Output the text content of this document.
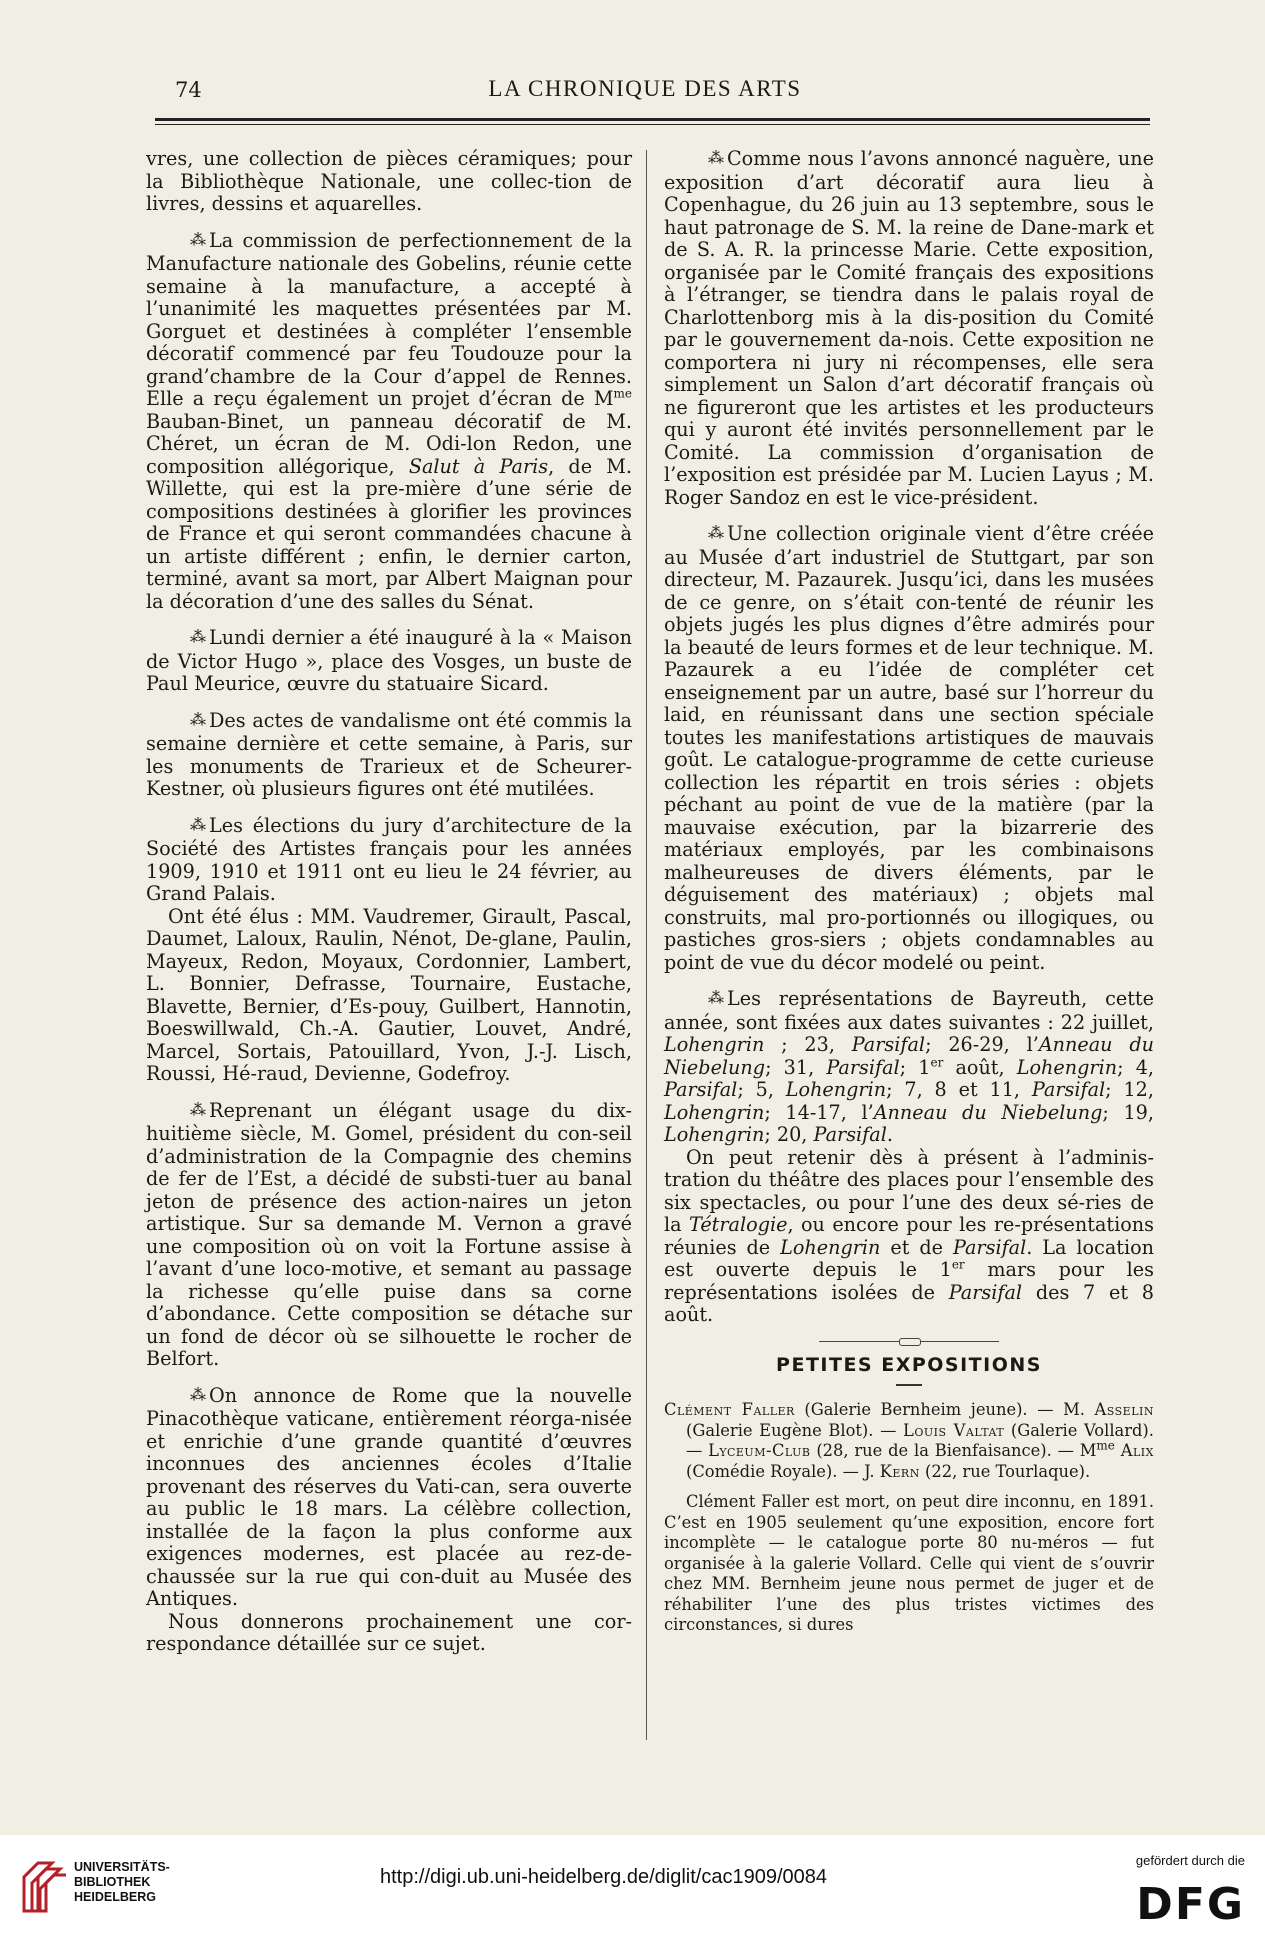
74	LA CHRONIQUE DES ARTS

vres, une collection de pièces céramiques; pour la Bibliothèque Nationale, une collec-tion de livres, dessins et aquarelles.

⁂ La commission de perfectionnement de la Manufacture nationale des Gobelins, réunie cette semaine à la manufacture, a accepté à l’unanimité les maquettes présentées par M. Gorguet et destinées à compléter l’ensemble décoratif commencé par feu Toudouze pour la grand’chambre de la Cour d’appel de Rennes. Elle a reçu également un projet d’écran de $M^{me}$ Bauban-Binet, un panneau décoratif de M. Chéret, un écran de M. Odi-lon Redon, une composition allégorique, Salut à Paris, de M. Willette, qui est la pre-mière d’une série de compositions destinées à glorifier les provinces de France et qui seront commandées chacune à un artiste différent ; enfin, le dernier carton, terminé, avant sa mort, par Albert Maignan pour la décoration d’une des salles du Sénat.

⁂ Lundi dernier a été inauguré à la « Maison de Victor Hugo », place des Vosges, un buste de Paul Meurice, œuvre du statuaire Sicard.

⁂ Des actes de vandalisme ont été commis la semaine dernière et cette semaine, à Paris, sur les monuments de Trarieux et de Scheurer-Kestner, où plusieurs figures ont été mutilées.

⁂ Les élections du jury d’architecture de la Société des Artistes français pour les années 1909, 1910 et 1911 ont eu lieu le 24 février, au Grand Palais.

Ont été élus : MM. Vaudremer, Girault, Pascal, Daumet, Laloux, Raulin, Nénot, De-glane, Paulin, Mayeux, Redon, Moyaux, Cordonnier, Lambert, L. Bonnier, Defrasse, Tournaire, Eustache, Blavette, Bernier, d’Es-pouy, Guilbert, Hannotin, Boeswillwald, Ch.-A. Gautier, Louvet, André, Marcel, Sortais, Patouillard, Yvon, J.-J. Lisch, Roussi, Hé-raud, Devienne, Godefroy.

⁂ Reprenant un élégant usage du dix-huitième siècle, M. Gomel, président du con-seil d’administration de la Compagnie des chemins de fer de l’Est, a décidé de substi-tuer au banal jeton de présence des action-naires un jeton artistique. Sur sa demande M. Vernon a gravé une composition où on voit la Fortune assise à l’avant d’une loco-motive, et semant au passage la richesse qu’elle puise dans sa corne d’abondance. Cette composition se détache sur un fond de décor où se silhouette le rocher de Belfort.

⁂ On annonce de Rome que la nouvelle Pinacothèque vaticane, entièrement réorga-nisée et enrichie d’une grande quantité d’œuvres inconnues des anciennes écoles d’Italie provenant des réserves du Vati-can, sera ouverte au public le 18 mars. La célèbre collection, installée de la façon la plus conforme aux exigences modernes, est placée au rez-de-chaussée sur la rue qui con-duit au Musée des Antiques.

Nous donnerons prochainement une cor-respondance détaillée sur ce sujet.

⁂ Comme nous l’avons annoncé naguère, une exposition d’art décoratif aura lieu à Copenhague, du 26 juin au 13 septembre, sous le haut patronage de S. M. la reine de Dane-mark et de S. A. R. la princesse Marie. Cette exposition, organisée par le Comité français des expositions à l’étranger, se tiendra dans le palais royal de Charlottenborg mis à la dis-position du Comité par le gouvernement da-nois. Cette exposition ne comportera ni jury ni récompenses, elle sera simplement un Salon d’art décoratif français où ne figureront que les artistes et les producteurs qui y auront été invités personnellement par le Comité. La commission d’organisation de l’exposition est présidée par M. Lucien Layus ; M. Roger Sandoz en est le vice-président.

⁂ Une collection originale vient d’être créée au Musée d’art industriel de Stuttgart, par son directeur, M. Pazaurek. Jusqu’ici, dans les musées de ce genre, on s’était con-tenté de réunir les objets jugés les plus dignes d’être admirés pour la beauté de leurs formes et de leur technique. M. Pazaurek a eu l’idée de compléter cet enseignement par un autre, basé sur l’horreur du laid, en réunissant dans une section spéciale toutes les manifestations artistiques de mauvais goût. Le catalogue-programme de cette curieuse collection les répartit en trois séries : objets péchant au point de vue de la matière (par la mauvaise exécution, par la bizarrerie des matériaux employés, par les combinaisons malheureuses de divers éléments, par le déguisement des matériaux) ; objets mal construits, mal pro-portionnés ou illogiques, ou pastiches gros-siers ; objets condamnables au point de vue du décor modelé ou peint.

⁂ Les représentations de Bayreuth, cette année, sont fixées aux dates suivantes : 22 juillet, Lohengrin ; 23, Parsifal; 26-29, l’Anneau du Niebelung; 31, Parsifal; 1er août, Lohengrin; 4, Parsifal; 5, Lohengrin; 7, 8 et 11, Parsifal; 12, Lohengrin; 14-17, l’Anneau du Niebelung; 19, Lohengrin; 20, Parsifal.

On peut retenir dès à présent à l’adminis-tration du théâtre des places pour l’ensemble des six spectacles, ou pour l’une des deux sé-ries de la Tétralogie, ou encore pour les re-présentations réunies de Lohengrin et de Parsifal. La location est ouverte depuis le 1er mars pour les représentations isolées de Parsifal des 7 et 8 août.

PETITES EXPOSITIONS

Clément Faller (Galerie Bernheim jeune). — M. Asselin (Galerie Eugène Blot). — Louis Valtat (Galerie Vollard). — Lyceum-Club (28, rue de la Bienfaisance). — $M^{me}$ Alix (Comédie Royale). — J. Kern (22, rue Tourlaque).

Clément Faller est mort, on peut dire inconnu, en 1891. C’est en 1905 seulement qu’une exposition, encore fort incomplète — le catalogue porte 80 nu-méros — fut organisée à la galerie Vollard. Celle qui vient de s’ouvrir chez MM. Bernheim jeune nous permet de juger et de réhabiliter l’une des plus tristes victimes des circonstances, si dures

UNIVERSITÄTS-
BIBLIOTHEK
HEIDELBERG
http://digi.ub.uni-heidelberg.de/diglit/cac1909/0084
gefördert durch die
DFG
